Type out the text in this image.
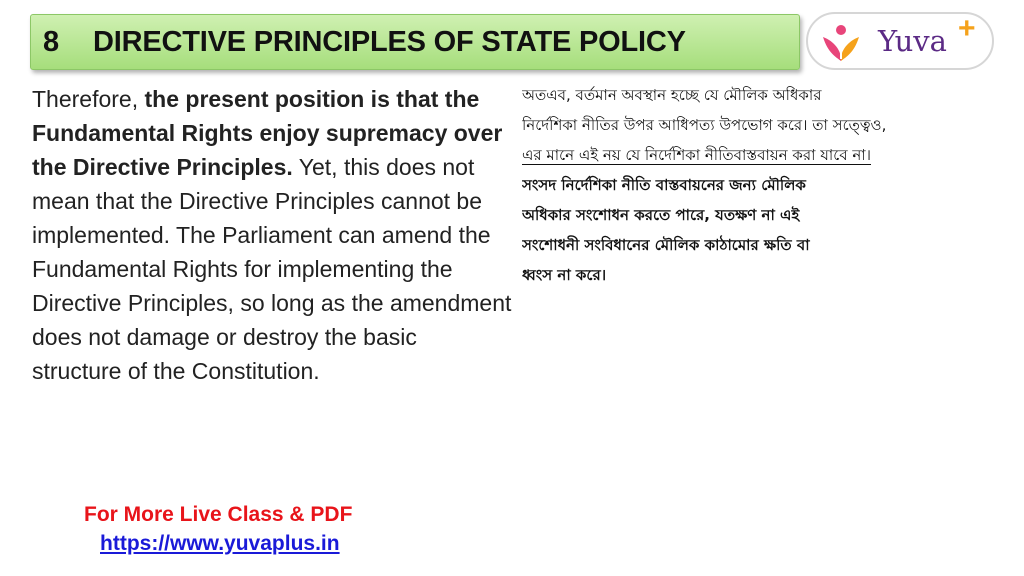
8	DIRECTIVE PRINCIPLES OF STATE POLICY	Yuva +
Therefore, the present position is that the Fundamental Rights enjoy supremacy over the Directive Principles. Yet, this does not mean that the Directive Principles cannot be implemented. The Parliament can amend the Fundamental Rights for implementing the Directive Principles, so long as the amendment does not damage or destroy the basic structure of the Constitution.
অতএব, বর্তমান অবস্থান হচ্ছে যে মৌলিক অধিকার
নির্দেশিকা নীতির উপর আধিপত্য উপভোগ করে। তা সত্ত্বেও,
এর মানে এই নয় যে নির্দেশিকা নীতিবাস্তবায়ন করা যাবে না।
সংসদ নির্দেশিকা নীতি বাস্তবায়নের জন্য মৌলিক
অধিকার সংশোধন করতে পারে, যতক্ষণ না এই
সংশোধনী সংবিধানের মৌলিক কাঠামোর ক্ষতি বা
ধ্বংস না করে।
For More Live Class & PDF
https://www.yuvaplus.in
